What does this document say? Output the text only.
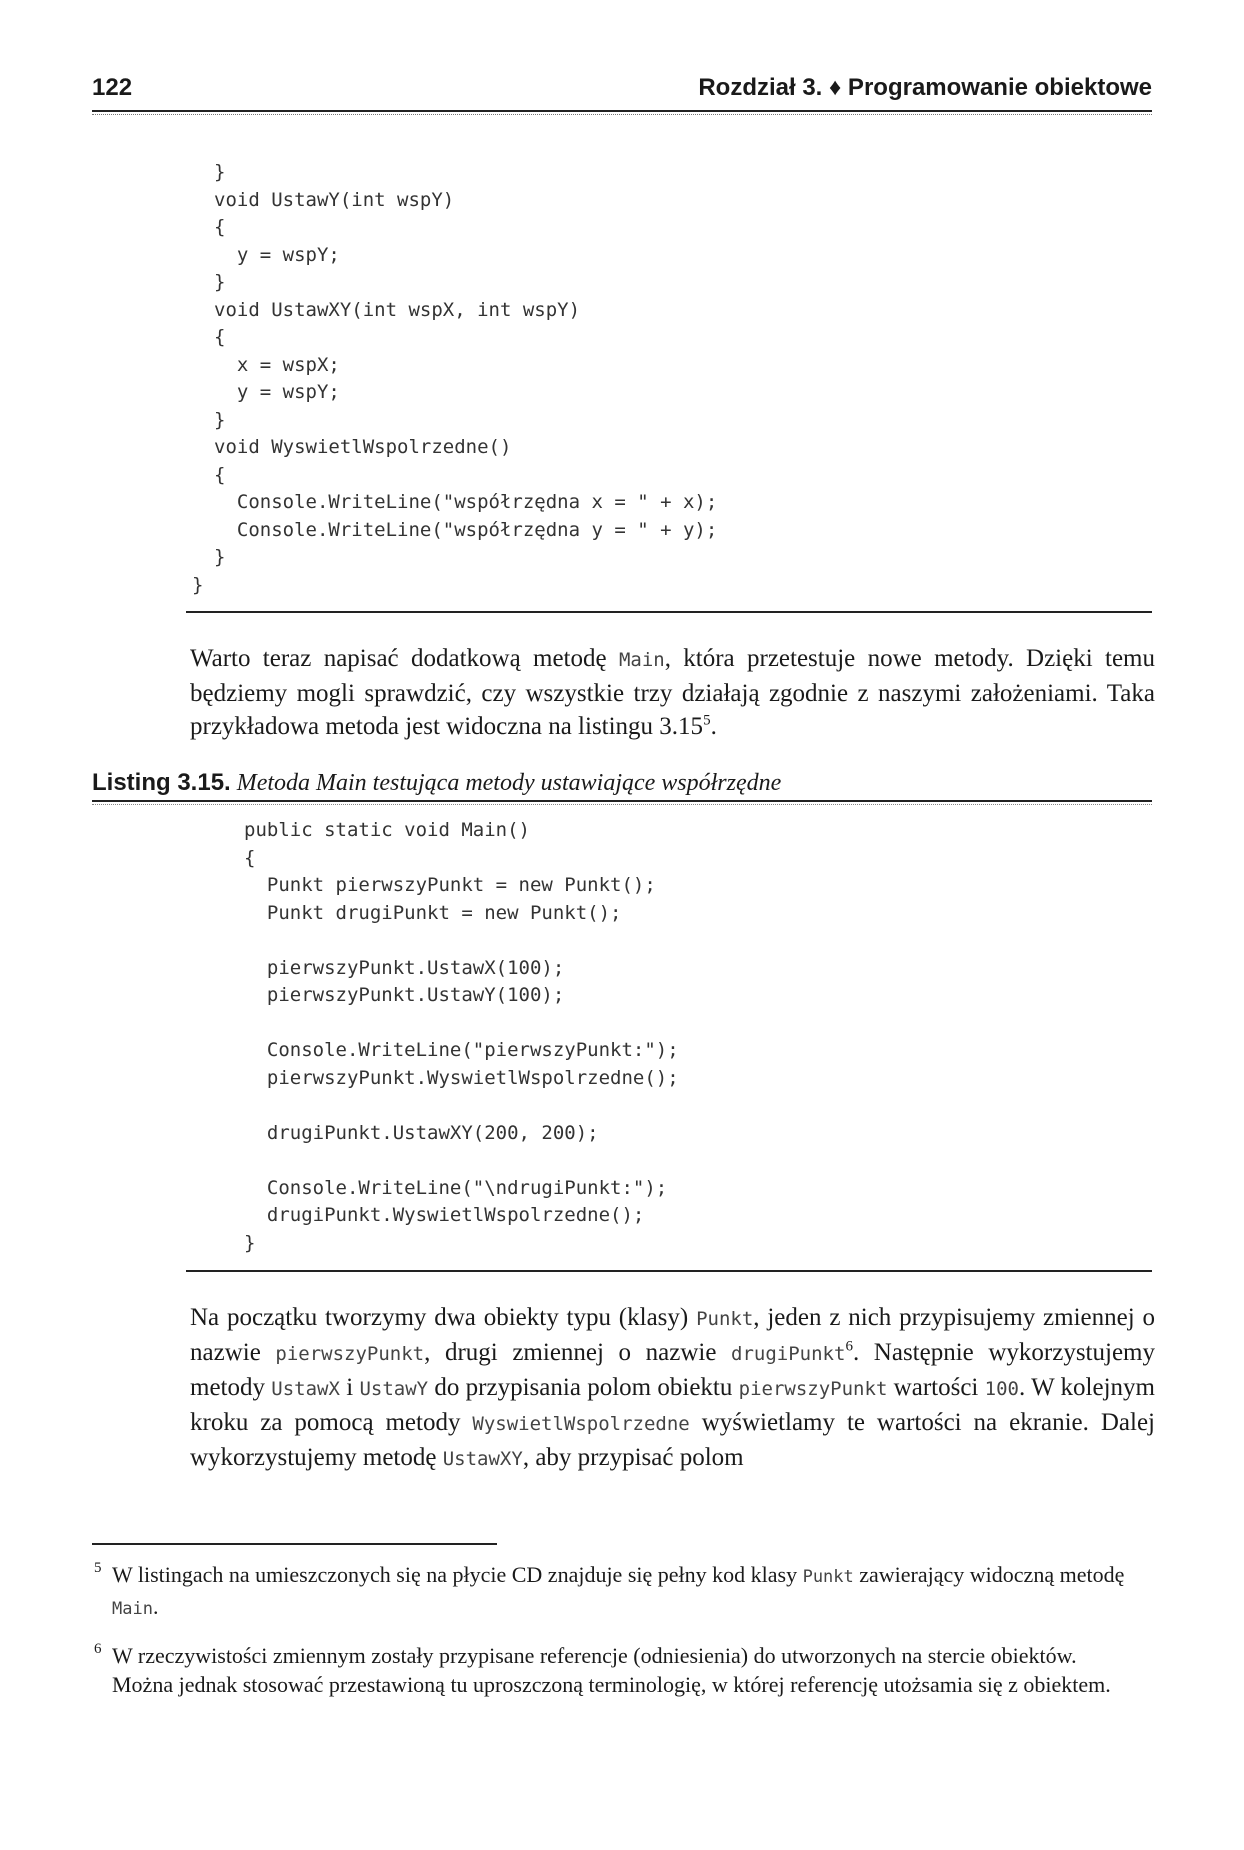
122	Rozdział 3. ♦ Programowanie obiektowe
}
void UstawY(int wspY)
{
y = wspY;
}
void UstawXY(int wspX, int wspY)
{
x = wspX;
y = wspY;
}
void WyswietlWspolrzedne()
{
Console.WriteLine("współrzędna x = " + x);
Console.WriteLine("współrzędna y = " + y);
}
}

Warto teraz napisać dodatkową metodę Main, która przetestuje nowe metody. Dzięki temu będziemy mogli sprawdzić, czy wszystkie trzy działają zgodnie z naszymi założeniami. Taka przykładowa metoda jest widoczna na listingu 3.15$^5$.

Listing 3.15. Metoda Main testująca metody ustawiające współrzędne
public static void Main()
{
Punkt pierwszyPunkt = new Punkt();
Punkt drugiPunkt = new Punkt();

pierwszyPunkt.UstawX(100);
pierwszyPunkt.UstawY(100);

Console.WriteLine("pierwszyPunkt:");
pierwszyPunkt.WyswietlWspolrzedne();

drugiPunkt.UstawXY(200, 200);

Console.WriteLine("\ndrugiPunkt:");
drugiPunkt.WyswietlWspolrzedne();
}

Na początku tworzymy dwa obiekty typu (klasy) Punkt, jeden z nich przypisujemy zmiennej o nazwie pierwszyPunkt, drugi zmiennej o nazwie drugiPunkt$^6$. Następnie wykorzystujemy metody UstawX i UstawY do przypisania polom obiektu pierwszyPunkt wartości 100. W kolejnym kroku za pomocą metody WyswietlWspolrzedne wyświetlamy te wartości na ekranie. Dalej wykorzystujemy metodę UstawXY, aby przypisać polom

5 W listingach na umieszczonych się na płycie CD znajduje się pełny kod klasy Punkt zawierający widoczną metodę Main.
6 W rzeczywistości zmiennym zostały przypisane referencje (odniesienia) do utworzonych na stercie obiektów. Można jednak stosować przestawioną tu uproszczoną terminologię, w której referencję utożsamia się z obiektem.
